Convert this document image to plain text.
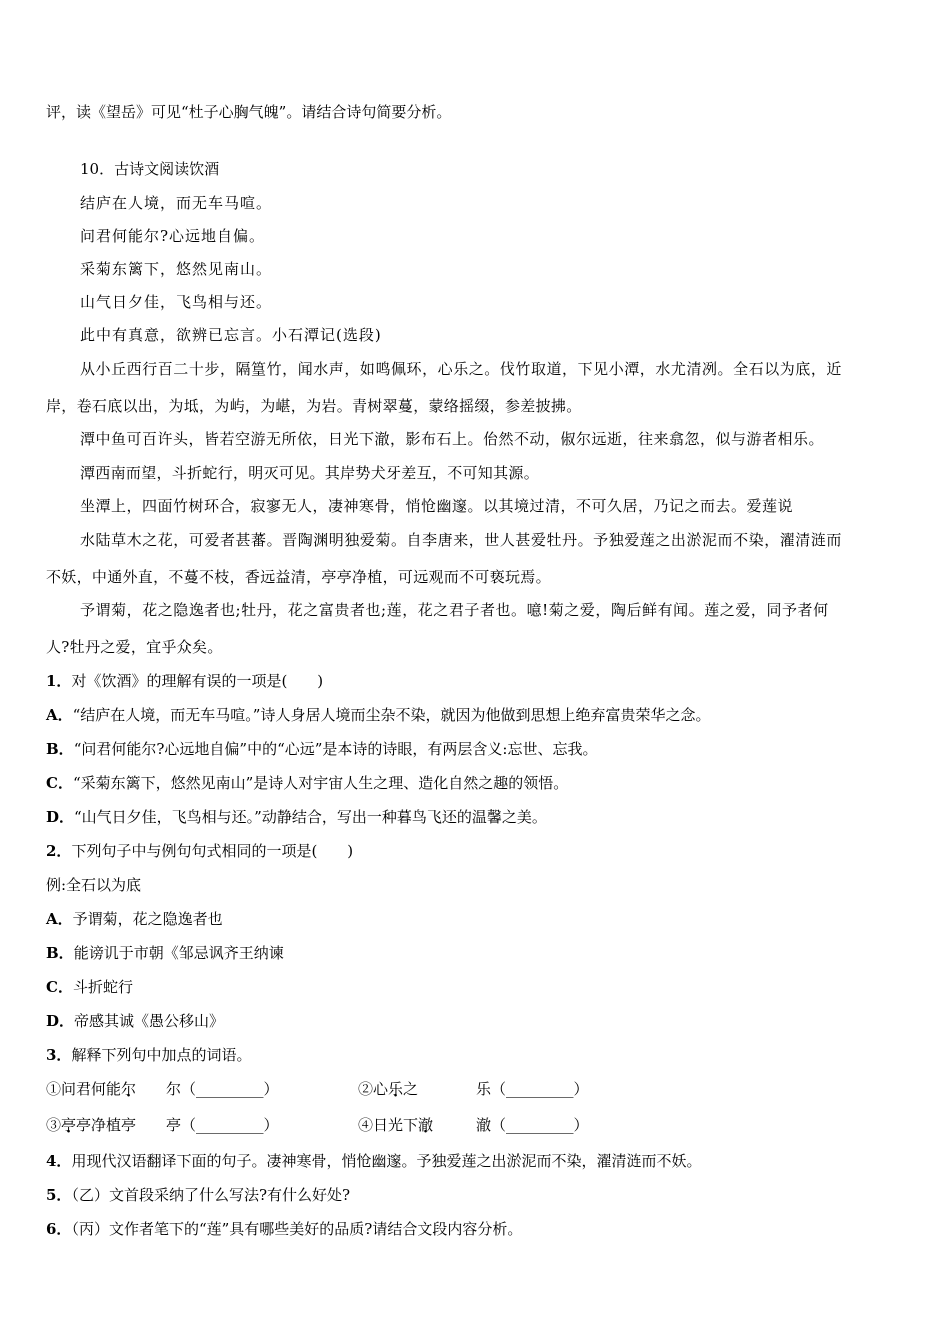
评，读《望岳》可见“杜子心胸气魄”。请结合诗句简要分析。
10．古诗文阅读饮酒
结庐在人境，而无车马喧。
问君何能尔?心远地自偏。
采菊东篱下，悠然见南山。
山气日夕佳，飞鸟相与还。
此中有真意，欲辨已忘言。小石潭记(选段)
从小丘西行百二十步，隔篁竹，闻水声，如鸣佩环，心乐之。伐竹取道，下见小潭，水尤清冽。全石以为底，近
岸，卷石底以出，为坻，为屿，为嵁，为岩。青树翠蔓，蒙络摇缀，参差披拂。
潭中鱼可百许头，皆若空游无所依，日光下澈，影布石上。佁然不动，俶尔远逝，往来翕忽，似与游者相乐。
潭西南而望，斗折蛇行，明灭可见。其岸势犬牙差互，不可知其源。
坐潭上，四面竹树环合，寂寥无人，凄神寒骨，悄怆幽邃。以其境过清，不可久居，乃记之而去。爱莲说
水陆草木之花，可爱者甚蕃。晋陶渊明独爱菊。自李唐来，世人甚爱牡丹。予独爱莲之出淤泥而不染，濯清涟而
不妖，中通外直，不蔓不枝，香远益清，亭亭净植，可远观而不可亵玩焉。
予谓菊，花之隐逸者也;牡丹，花之富贵者也;莲，花之君子者也。噫!菊之爱，陶后鲜有闻。莲之爱，同予者何
人?牡丹之爱，宜乎众矣。
1．对《饮酒》的理解有误的一项是(　　)
A．“结庐在人境，而无车马喧。”诗人身居人境而尘杂不染，就因为他做到思想上绝弃富贵荣华之念。
B．“问君何能尔?心远地自偏”中的“心远”是本诗的诗眼，有两层含义:忘世、忘我。
C．“采菊东篱下，悠然见南山”是诗人对宇宙人生之理、造化自然之趣的领悟。
D．“山气日夕佳，飞鸟相与还。”动静结合，写出一种暮鸟飞还的温馨之美。
2．下列句子中与例句句式相同的一项是(　　)
例:全石以为底
A．予谓菊，花之隐逸者也
B．能谤讥于市朝《邹忌讽齐王纳谏
C．斗折蛇行
D．帝感其诚《愚公移山》
3．解释下列句中加点的词语。
①问君何能尔 尔（_________）	②心乐之	乐（_________）
③亭亭净植亭 亭（_________）	④日光下澈	澈（_________）
4．用现代汉语翻译下面的句子。凄神寒骨，悄怆幽邃。予独爱莲之出淤泥而不染，濯清涟而不妖。
5．（乙）文首段采纳了什么写法?有什么好处?
6．（丙）文作者笔下的“莲”具有哪些美好的品质?请结合文段内容分析。
